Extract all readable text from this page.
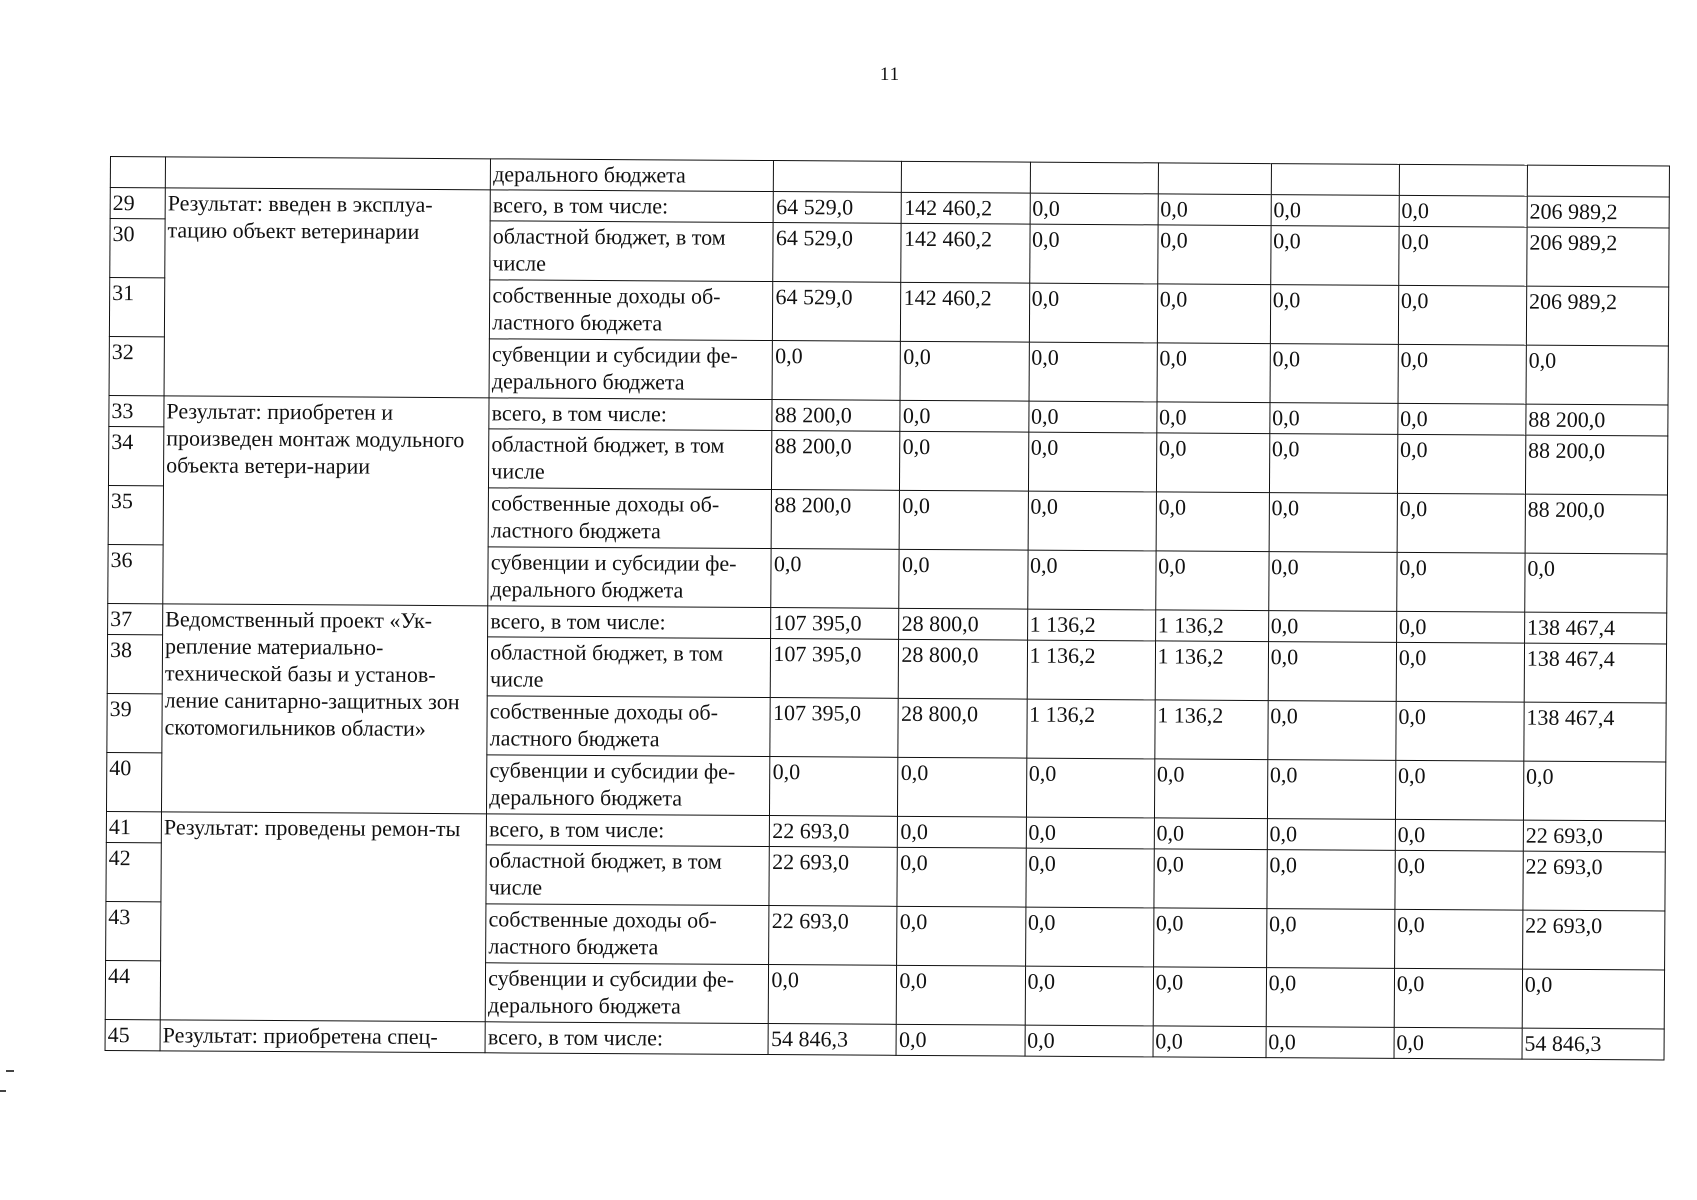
11
		дерального бюджета							
29	Результат: введен в эксплуа-тацию объект ветеринарии	всего, в том числе:	64 529,0	142 460,2	0,0	0,0	0,0	0,0	206 989,2
30		областной бюджет, в том числе	64 529,0	142 460,2	0,0	0,0	0,0	0,0	206 989,2
31		собственные доходы об-ластного бюджета	64 529,0	142 460,2	0,0	0,0	0,0	0,0	206 989,2
32		субвенции и субсидии фе-дерального бюджета	0,0	0,0	0,0	0,0	0,0	0,0	0,0
33	Результат: приобретен и произведен монтаж модульного объекта ветери-нарии	всего, в том числе:	88 200,0	0,0	0,0	0,0	0,0	0,0	88 200,0
34		областной бюджет, в том числе	88 200,0	0,0	0,0	0,0	0,0	0,0	88 200,0
35		собственные доходы об-ластного бюджета	88 200,0	0,0	0,0	0,0	0,0	0,0	88 200,0
36		субвенции и субсидии фе-дерального бюджета	0,0	0,0	0,0	0,0	0,0	0,0	0,0
37	Ведомственный проект «Ук-репление материально-технической базы и установ-ление санитарно-защитных зон скотомогильников области»	всего, в том числе:	107 395,0	28 800,0	1 136,2	1 136,2	0,0	0,0	138 467,4
38		областной бюджет, в том числе	107 395,0	28 800,0	1 136,2	1 136,2	0,0	0,0	138 467,4
39		собственные доходы об-ластного бюджета	107 395,0	28 800,0	1 136,2	1 136,2	0,0	0,0	138 467,4
40		субвенции и субсидии фе-дерального бюджета	0,0	0,0	0,0	0,0	0,0	0,0	0,0
41	Результат: проведены ремон-ты	всего, в том числе:	22 693,0	0,0	0,0	0,0	0,0	0,0	22 693,0
42		областной бюджет, в том числе	22 693,0	0,0	0,0	0,0	0,0	0,0	22 693,0
43		собственные доходы об-ластного бюджета	22 693,0	0,0	0,0	0,0	0,0	0,0	22 693,0
44		субвенции и субсидии фе-дерального бюджета	0,0	0,0	0,0	0,0	0,0	0,0	0,0
45	Результат: приобретена спец-	всего, в том числе:	54 846,3	0,0	0,0	0,0	0,0	0,0	54 846,3
